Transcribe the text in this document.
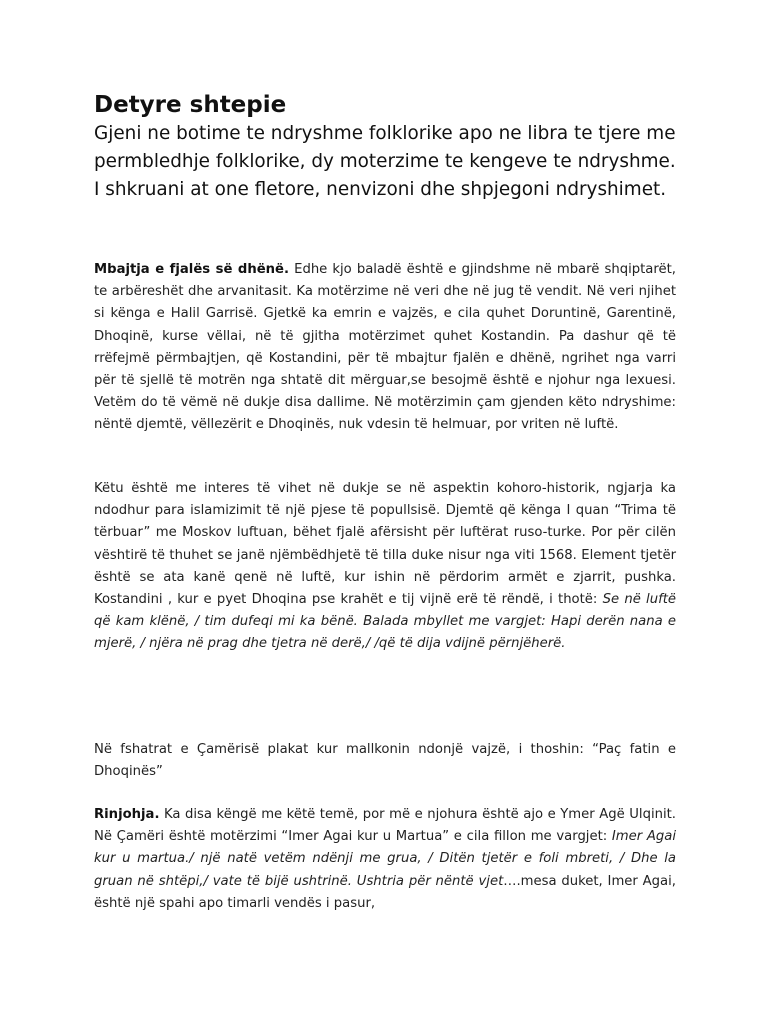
Detyre shtepie

Gjeni ne botime te ndryshme folklorike apo ne libra te tjere me permbledhje folklorike, dy moterzime te kengeve te ndryshme. I shkruani at one fletore, nenvizoni dhe shpjegoni ndryshimet.

Mbajtja e fjalës së dhënë. Edhe kjo baladë është e gjindshme në mbarë shqiptarët, te arbëreshët dhe arvanitasit. Ka motërzime në veri dhe në jug të vendit. Në veri njihet si kënga e Halil Garrisë. Gjetkë ka emrin e vajzës, e cila quhet Doruntinë, Garentinë, Dhoqinë, kurse vëllai, në të gjitha motërzimet quhet Kostandin. Pa dashur që të rrëfejmë përmbajtjen, që Kostandini, për të mbajtur fjalën e dhënë, ngrihet nga varri për të sjellë të motrën nga shtatë dit mërguar,se besojmë është e njohur nga lexuesi. Vetëm do të vëmë në dukje disa dallime. Në motërzimin çam gjenden këto ndryshime: nëntë djemtë, vëllezërit e Dhoqinës, nuk vdesin të helmuar, por vriten në luftë.

Këtu është me interes të vihet në dukje se në aspektin kohoro-historik, ngjarja ka ndodhur para islamizimit të një pjese të popullsisë. Djemtë që kënga I quan “Trima të tërbuar” me Moskov luftuan, bëhet fjalë afërsisht për luftërat ruso-turke. Por për cilën vështirë të thuhet se janë njëmbëdhjetë të tilla duke nisur nga viti 1568. Element tjetër është se ata kanë qenë në luftë, kur ishin në përdorim armët e zjarrit, pushka. Kostandini , kur e pyet Dhoqina pse krahët e tij vijnë erë të rëndë, i thotë: Se në luftë që kam klënë, / tim dufeqi mi ka bënë. Balada mbyllet me vargjet: Hapi derën nana e mjerë, / njëra në prag dhe tjetra në derë,/ /që të dija vdijnë përnjëherë.

Në fshatrat e Çamërisë plakat kur mallkonin ndonjë vajzë, i thoshin: “Paç fatin e Dhoqinës”

Rinjohja. Ka disa këngë me këtë temë, por më e njohura është ajo e Ymer Agë Ulqinit. Në Çamëri është motërzimi “Imer Agai kur u Martua” e cila fillon me vargjet: Imer Agai kur u martua./ një natë vetëm ndënji me grua, / Ditën tjetër e foli mbreti, / Dhe la gruan në shtëpi,/ vate të bijë ushtrinë. Ushtria për nëntë vjet….mesa duket, Imer Agai, është një spahi apo timarli vendës i pasur,
